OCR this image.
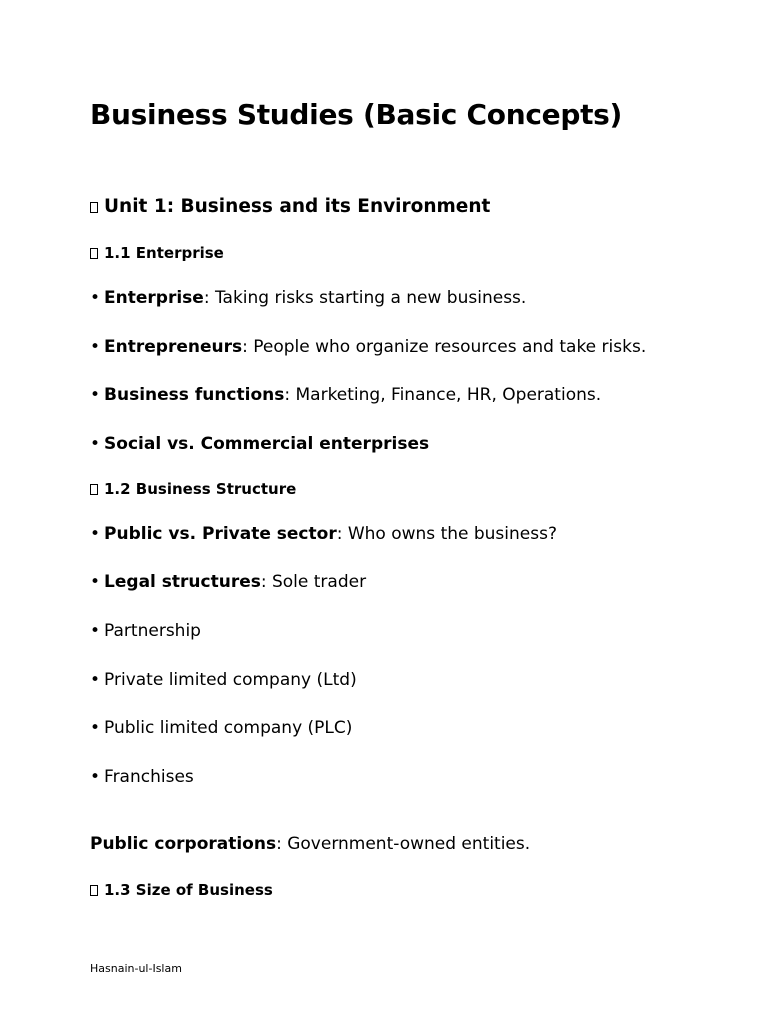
Business Studies (Basic Concepts)
Unit 1: Business and its Environment
1.1 Enterprise
• Enterprise: Taking risks starting a new business.
• Entrepreneurs: People who organize resources and take risks.
• Business functions: Marketing, Finance, HR, Operations.
• Social vs. Commercial enterprises
1.2 Business Structure
• Public vs. Private sector: Who owns the business?
• Legal structures: Sole trader
• Partnership
• Private limited company (Ltd)
• Public limited company (PLC)
• Franchises
Public corporations: Government-owned entities.
1.3 Size of Business
Hasnain-ul-Islam
